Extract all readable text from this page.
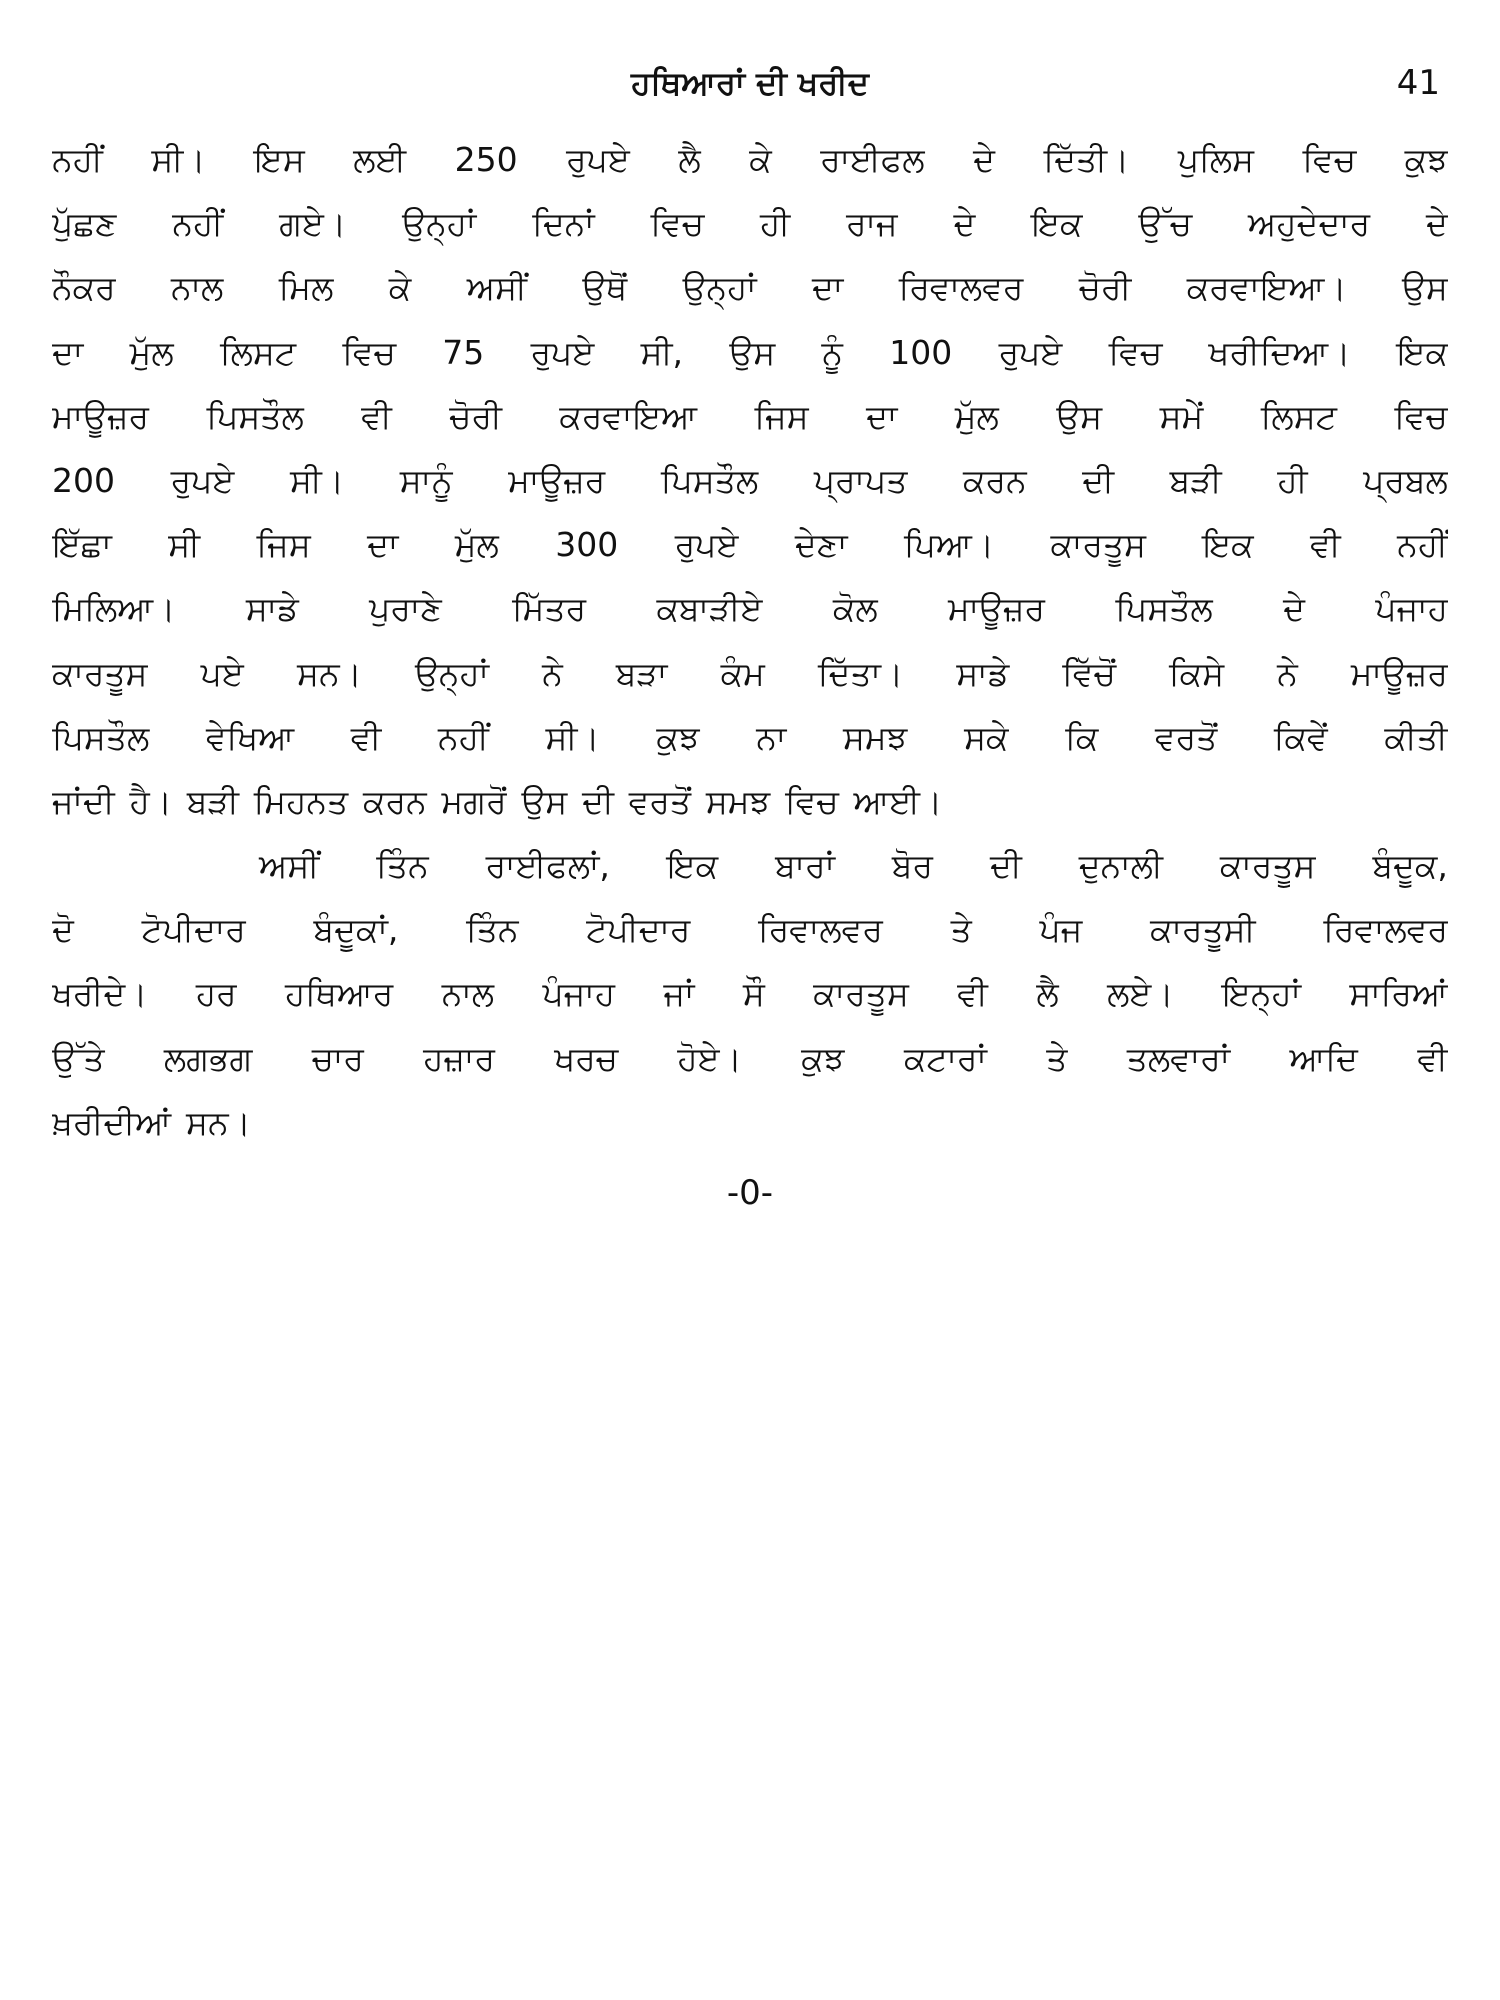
ਹਥਿਆਰਾਂ ਦੀ ਖਰੀਦ	41
ਨਹੀਂ ਸੀ। ਇਸ ਲਈ 250 ਰੁਪਏ ਲੈ ਕੇ ਰਾਈਫਲ ਦੇ ਦਿੱਤੀ। ਪੁਲਿਸ ਵਿਚ ਕੁਝ
ਪੁੱਛਣ ਨਹੀਂ ਗਏ। ਉਨ੍ਹਾਂ ਦਿਨਾਂ ਵਿਚ ਹੀ ਰਾਜ ਦੇ ਇਕ ਉੱਚ ਅਹੁਦੇਦਾਰ ਦੇ
ਨੌਕਰ ਨਾਲ ਮਿਲ ਕੇ ਅਸੀਂ ਉਥੋਂ ਉਨ੍ਹਾਂ ਦਾ ਰਿਵਾਲਵਰ ਚੋਰੀ ਕਰਵਾਇਆ। ਉਸ
ਦਾ ਮੁੱਲ ਲਿਸਟ ਵਿਚ 75 ਰੁਪਏ ਸੀ, ਉਸ ਨੂੰ 100 ਰੁਪਏ ਵਿਚ ਖਰੀਦਿਆ। ਇਕ
ਮਾਊਜ਼ਰ ਪਿਸਤੌਲ ਵੀ ਚੋਰੀ ਕਰਵਾਇਆ ਜਿਸ ਦਾ ਮੁੱਲ ਉਸ ਸਮੇਂ ਲਿਸਟ ਵਿਚ
200 ਰੁਪਏ ਸੀ। ਸਾਨੂੰ ਮਾਊਜ਼ਰ ਪਿਸਤੌਲ ਪ੍ਰਾਪਤ ਕਰਨ ਦੀ ਬੜੀ ਹੀ ਪ੍ਰਬਲ
ਇੱਛਾ ਸੀ ਜਿਸ ਦਾ ਮੁੱਲ 300 ਰੁਪਏ ਦੇਣਾ ਪਿਆ। ਕਾਰਤੂਸ ਇਕ ਵੀ ਨਹੀਂ
ਮਿਲਿਆ। ਸਾਡੇ ਪੁਰਾਣੇ ਮਿੱਤਰ ਕਬਾੜੀਏ ਕੋਲ ਮਾਊਜ਼ਰ ਪਿਸਤੌਲ ਦੇ ਪੰਜਾਹ
ਕਾਰਤੂਸ ਪਏ ਸਨ। ਉਨ੍ਹਾਂ ਨੇ ਬੜਾ ਕੰਮ ਦਿੱਤਾ। ਸਾਡੇ ਵਿੱਚੋਂ ਕਿਸੇ ਨੇ ਮਾਊਜ਼ਰ
ਪਿਸਤੌਲ ਵੇਖਿਆ ਵੀ ਨਹੀਂ ਸੀ। ਕੁਝ ਨਾ ਸਮਝ ਸਕੇ ਕਿ ਵਰਤੋਂ ਕਿਵੇਂ ਕੀਤੀ
ਜਾਂਦੀ ਹੈ। ਬੜੀ ਮਿਹਨਤ ਕਰਨ ਮਗਰੋਂ ਉਸ ਦੀ ਵਰਤੋਂ ਸਮਝ ਵਿਚ ਆਈ।
ਅਸੀਂ ਤਿੰਨ ਰਾਈਫਲਾਂ, ਇਕ ਬਾਰਾਂ ਬੋਰ ਦੀ ਦੁਨਾਲੀ ਕਾਰਤੂਸ ਬੰਦੂਕ,
ਦੋ ਟੋਪੀਦਾਰ ਬੰਦੂਕਾਂ, ਤਿੰਨ ਟੋਪੀਦਾਰ ਰਿਵਾਲਵਰ ਤੇ ਪੰਜ ਕਾਰਤੂਸੀ ਰਿਵਾਲਵਰ
ਖਰੀਦੇ। ਹਰ ਹਥਿਆਰ ਨਾਲ ਪੰਜਾਹ ਜਾਂ ਸੌ ਕਾਰਤੂਸ ਵੀ ਲੈ ਲਏ। ਇਨ੍ਹਾਂ ਸਾਰਿਆਂ
ਉੱਤੇ ਲਗਭਗ ਚਾਰ ਹਜ਼ਾਰ ਖਰਚ ਹੋਏ। ਕੁਝ ਕਟਾਰਾਂ ਤੇ ਤਲਵਾਰਾਂ ਆਦਿ ਵੀ
ਖ਼ਰੀਦੀਆਂ ਸਨ।
-0-
